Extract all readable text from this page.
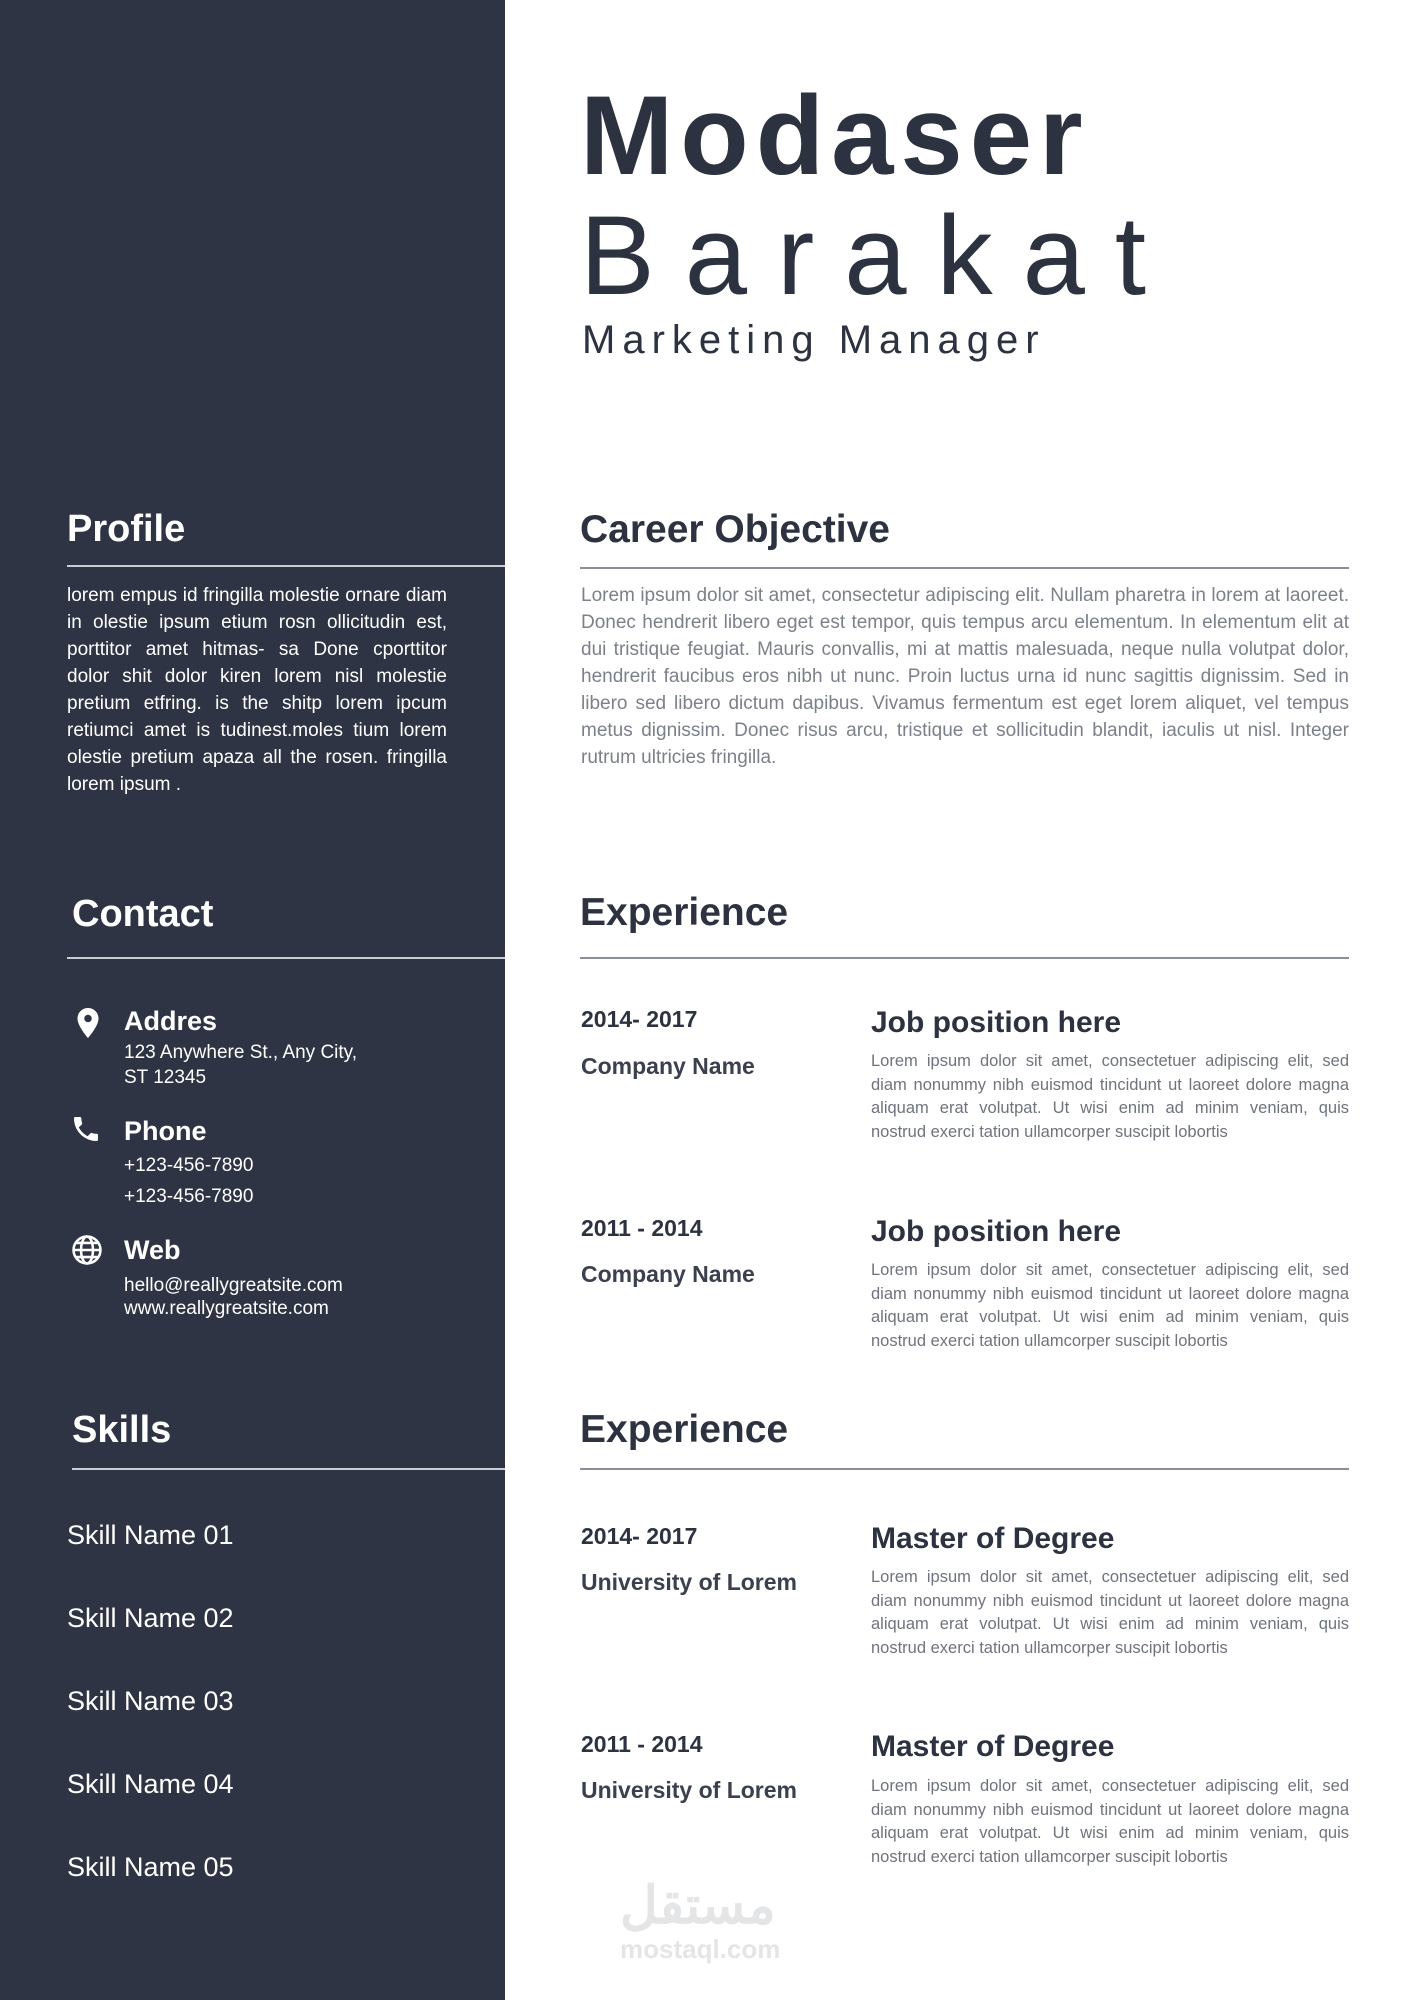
Modaser
Barakat
Marketing Manager
Profile
lorem empus id fringilla molestie ornare diam in olestie ipsum etium rosn ollicitudin est, porttitor amet hitmas- sa Done cporttitor dolor shit dolor kiren lorem nisl molestie pretium etfring. is the shitp lorem ipcum retiumci amet is tudinest.moles tium lorem olestie pretium apaza all the rosen. fringilla lorem ipsum .
Contact
Addres
123 Anywhere St., Any City,
ST 12345
Phone
+123-456-7890
+123-456-7890
Web
hello@reallygreatsite.com
www.reallygreatsite.com
Skills
Skill Name 01
Skill Name 02
Skill Name 03
Skill Name 04
Skill Name 05
Career Objective
Lorem ipsum dolor sit amet, consectetur adipiscing elit. Nullam pharetra in lorem at laoreet. Donec hendrerit libero eget est tempor, quis tempus arcu elementum. In elementum elit at dui tristique feugiat. Mauris convallis, mi at mattis malesuada, neque nulla volutpat dolor, hendrerit faucibus eros nibh ut nunc. Proin luctus urna id nunc sagittis dignissim. Sed in libero sed libero dictum dapibus. Vivamus fermentum est eget lorem aliquet, vel tempus metus dignissim. Donec risus arcu, tristique et sollicitudin blandit, iaculis ut nisl. Integer rutrum ultricies fringilla.
Experience
2014- 2017
Company Name
Job position here
Lorem ipsum dolor sit amet, consectetuer adipiscing elit, sed diam nonummy nibh euismod tincidunt ut laoreet dolore magna aliquam erat volutpat. Ut wisi enim ad minim veniam, quis nostrud exerci tation ullamcorper suscipit lobortis
2011 - 2014
Company Name
Job position here
Lorem ipsum dolor sit amet, consectetuer adipiscing elit, sed diam nonummy nibh euismod tincidunt ut laoreet dolore magna aliquam erat volutpat. Ut wisi enim ad minim veniam, quis nostrud exerci tation ullamcorper suscipit lobortis
Experience
2014- 2017
University of Lorem
Master of Degree
Lorem ipsum dolor sit amet, consectetuer adipiscing elit, sed diam nonummy nibh euismod tincidunt ut laoreet dolore magna aliquam erat volutpat. Ut wisi enim ad minim veniam, quis nostrud exerci tation ullamcorper suscipit lobortis
2011 - 2014
University of Lorem
Master of Degree
Lorem ipsum dolor sit amet, consectetuer adipiscing elit, sed diam nonummy nibh euismod tincidunt ut laoreet dolore magna aliquam erat volutpat. Ut wisi enim ad minim veniam, quis nostrud exerci tation ullamcorper suscipit lobortis
مستقل
mostaql.com
